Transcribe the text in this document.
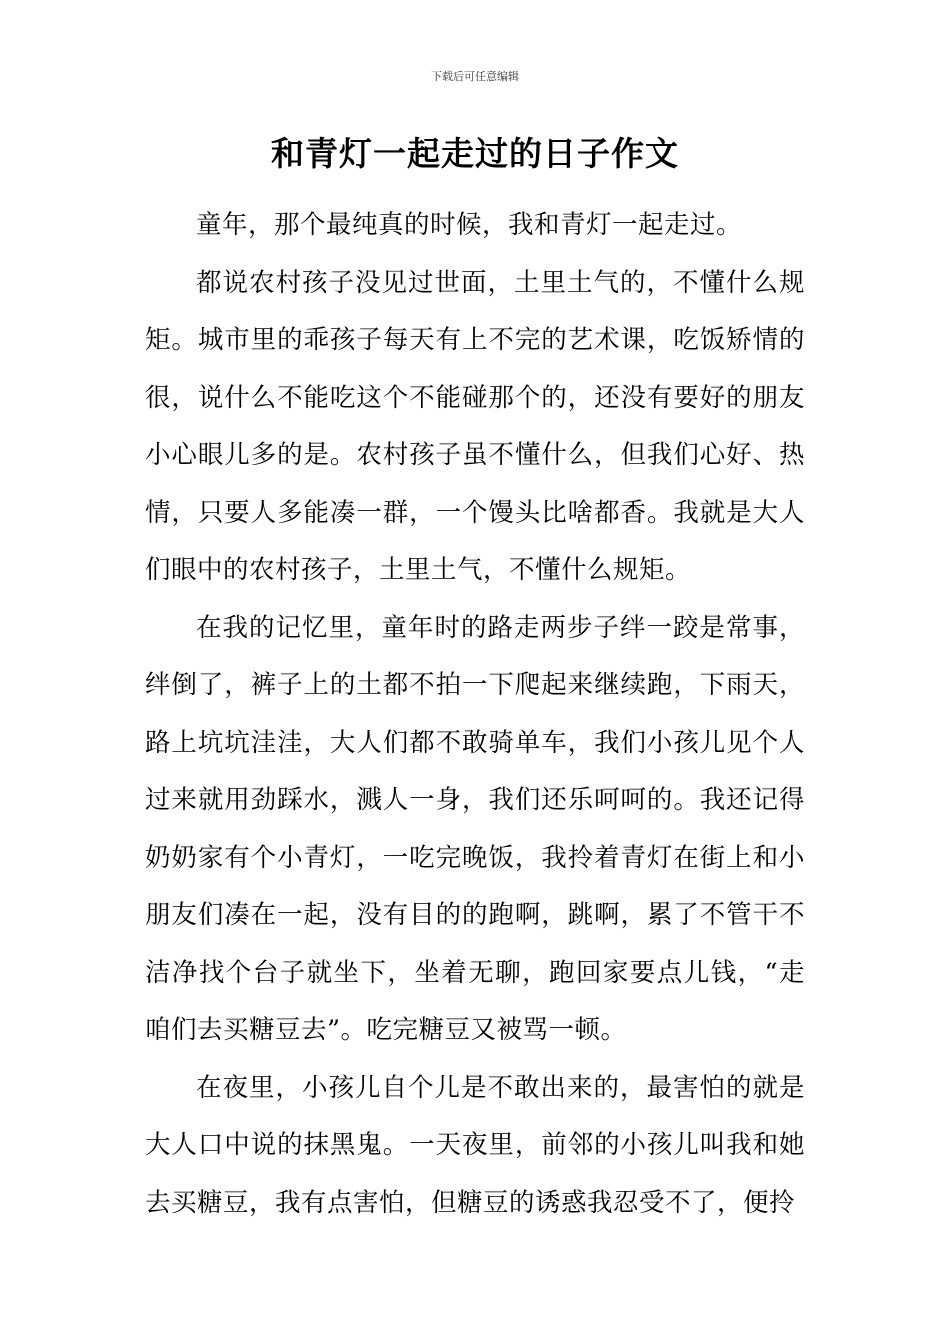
下载后可任意编辑
和青灯一起走过的日子作文

童年，那个最纯真的时候，我和青灯一起走过。

都说农村孩子没见过世面，土里土气的，不懂什么规矩。城市里的乖孩子每天有上不完的艺术课，吃饭矫情的很，说什么不能吃这个不能碰那个的，还没有要好的朋友小心眼儿多的是。农村孩子虽不懂什么，但我们心好、热情，只要人多能凑一群，一个馒头比啥都香。我就是大人们眼中的农村孩子，土里土气，不懂什么规矩。

在我的记忆里，童年时的路走两步子绊一跤是常事，绊倒了，裤子上的土都不拍一下爬起来继续跑，下雨天，路上坑坑洼洼，大人们都不敢骑单车，我们小孩儿见个人过来就用劲踩水，溅人一身，我们还乐呵呵的。我还记得奶奶家有个小青灯，一吃完晚饭，我拎着青灯在街上和小朋友们凑在一起，没有目的的跑啊，跳啊，累了不管干不洁净找个台子就坐下，坐着无聊，跑回家要点儿钱，“走咱们去买糖豆去”。吃完糖豆又被骂一顿。

在夜里，小孩儿自个儿是不敢出来的，最害怕的就是大人口中说的抹黑鬼。一天夜里，前邻的小孩儿叫我和她去买糖豆，我有点害怕，但糖豆的诱惑我忍受不了，便拎
